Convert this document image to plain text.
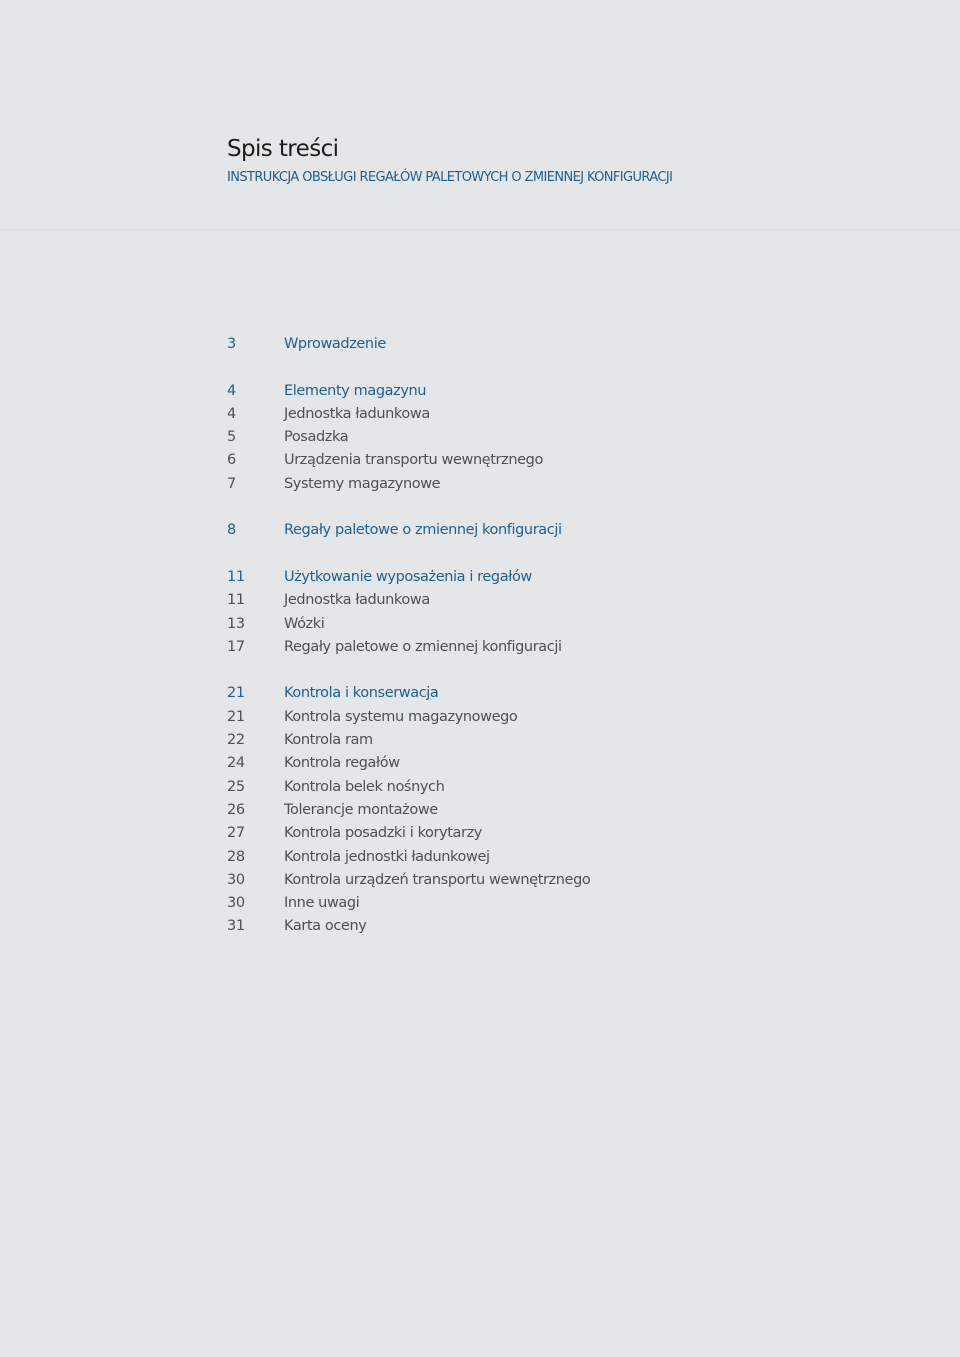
Spis treści
INSTRUKCJA OBSŁUGI REGAŁÓW PALETOWYCH O ZMIENNEJ KONFIGURACJI
3	Wprowadzenie
4	Elementy magazynu
4	Jednostka ładunkowa
5	Posadzka
6	Urządzenia transportu wewnętrznego
7	Systemy magazynowe
8	Regały paletowe o zmiennej konfiguracji
11	Użytkowanie wyposażenia i regałów
11	Jednostka ładunkowa
13	Wózki
17	Regały paletowe o zmiennej konfiguracji
21	Kontrola i konserwacja
21	Kontrola systemu magazynowego
22	Kontrola ram
24	Kontrola regałów
25	Kontrola belek nośnych
26	Tolerancje montażowe
27	Kontrola posadzki i korytarzy
28	Kontrola jednostki ładunkowej
30	Kontrola urządzeń transportu wewnętrznego
30	Inne uwagi
31	Karta oceny
